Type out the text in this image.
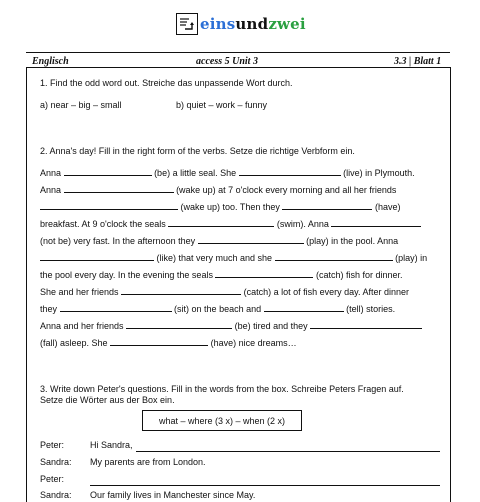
einsundzwei
Englisch	access 5 Unit 3	3.3 | Blatt 1
1. Find the odd word out. Streiche das unpassende Wort durch.
a) near – big – small	b) quiet – work – funny
2. Anna's day! Fill in the right form of the verbs. Setze die richtige Verbform ein.
Anna	(be) a little seal. She	(live) in Plymouth.
Anna	(wake up) at 7 o'clock every morning and all her friends
(wake up) too. Then they	(have)
breakfast. At 9 o'clock the seals	(swim). Anna
(not be) very fast. In the afternoon they	(play) in the pool. Anna
(like) that very much and she	(play) in
the pool every day. In the evening the seals	(catch) fish for dinner.
She and her friends	(catch) a lot of fish every day. After dinner
they	(sit) on the beach and	(tell) stories.
Anna and her friends	(be) tired and they
(fall) asleep. She	(have) nice dreams…
3. Write down Peter's questions. Fill in the words from the box. Schreibe Peters Fragen auf.
Setze die Wörter aus der Box ein.
what – where (3 x) – when (2 x)
Peter:	Hi Sandra,
Sandra: My parents are from London.
Peter:
Sandra: Our family lives in Manchester since May.
